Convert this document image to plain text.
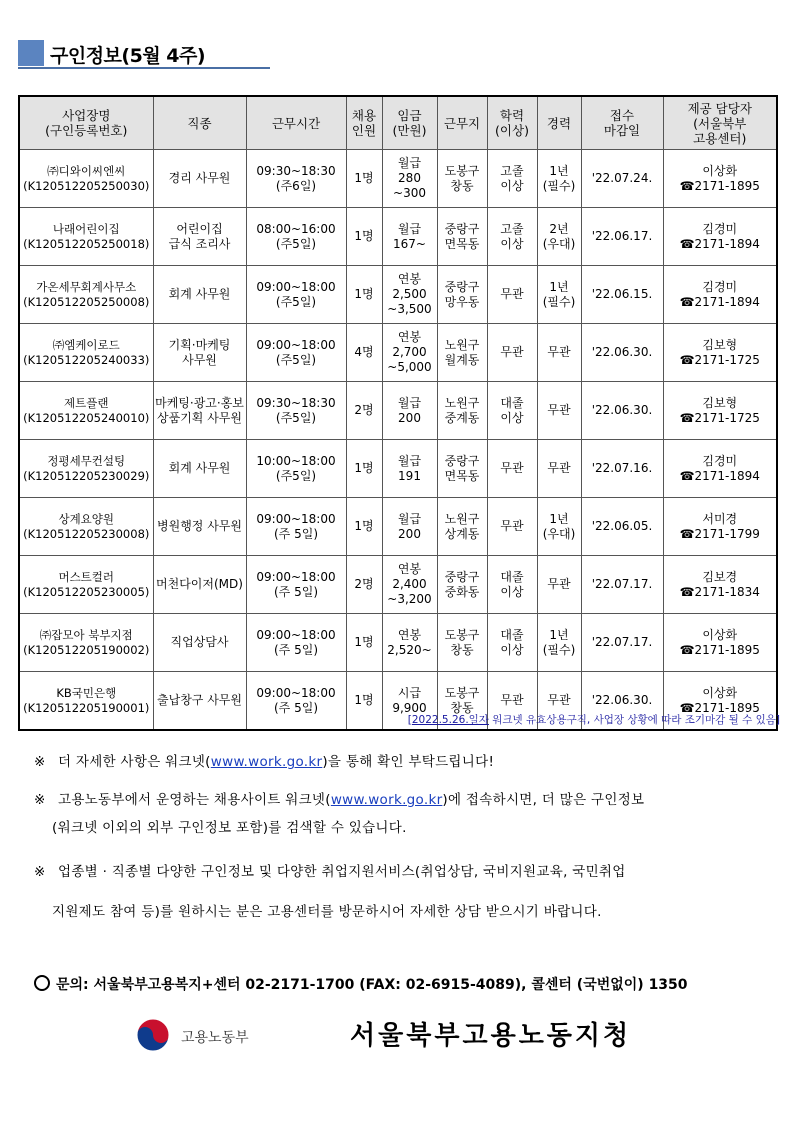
구인정보(5월 4주)
사업장명
(구인등록번호)	직종	근무시간	채용
인원	임금
(만원)	근무지	학력
(이상)	경력	접수
마감일	제공 담당자
(서울북부
고용센터)

㈜디와이씨엔씨
(K120512205250030)	경리 사무원	09:30~18:30
(주6일)	1명	월급
280
~300	도봉구
창동	고졸
이상	1년
(필수)	'22.07.24.	이상화
☎2171-1895

나래어린이집
(K120512205250018)	어린이집
급식 조리사	08:00~16:00
(주5일)	1명	월급
167~	중랑구
면목동	고졸
이상	2년
(우대)	'22.06.17.	김경미
☎2171-1894

가온세무회계사무소
(K120512205250008)	회계 사무원	09:00~18:00
(주5일)	1명	연봉
2,500
~3,500	중랑구
망우동	무관	1년
(필수)	'22.06.15.	김경미
☎2171-1894

㈜엠케이로드
(K120512205240033)	기획·마케팅
사무원	09:00~18:00
(주5일)	4명	연봉
2,700
~5,000	노원구
월계동	무관	무관	'22.06.30.	김보형
☎2171-1725

제트플랜
(K120512205240010)	마케팅·광고·홍보
상품기획 사무원	09:30~18:30
(주5일)	2명	월급
200	노원구
중계동	대졸
이상	무관	'22.06.30.	김보형
☎2171-1725

정평세무컨설팅
(K120512205230029)	회계 사무원	10:00~18:00
(주5일)	1명	월급
191	중랑구
면목동	무관	무관	'22.07.16.	김경미
☎2171-1894

상계요양원
(K120512205230008)	병원행정 사무원	09:00~18:00
(주 5일)	1명	월급
200	노원구
상계동	무관	1년
(우대)	'22.06.05.	서미경
☎2171-1799

머스트컬러
(K120512205230005)	머천다이저(MD)	09:00~18:00
(주 5일)	2명	연봉
2,400
~3,200	중랑구
중화동	대졸
이상	무관	'22.07.17.	김보경
☎2171-1834

㈜잡모아 북부지점
(K120512205190002)	직업상담사	09:00~18:00
(주 5일)	1명	연봉
2,520~	도봉구
창동	대졸
이상	1년
(필수)	'22.07.17.	이상화
☎2171-1895

KB국민은행
(K120512205190001)	출납창구 사무원	09:00~18:00
(주 5일)	1명	시급
9,900	도봉구
창동	무관	무관	'22.06.30.	이상화
☎2171-1895
[2022.5.26.일자 워크넷 유효상용구직, 사업장 상황에 따라 조기마감 될 수 있음]
※ 더 자세한 사항은 워크넷(www.work.go.kr)을 통해 확인 부탁드립니다!
※ 고용노동부에서 운영하는 채용사이트 워크넷(www.work.go.kr)에 접속하시면, 더 많은 구인정보
(워크넷 이외의 외부 구인정보 포함)를 검색할 수 있습니다.
※ 업종별 · 직종별 다양한 구인정보 및 다양한 취업지원서비스(취업상담, 국비지원교육, 국민취업
지원제도 참여 등)를 원하시는 분은 고용센터를 방문하시어 자세한 상담 받으시기 바랍니다.
문의: 서울북부고용복지+센터 02-2171-1700 (FAX: 02-6915-4089), 콜센터 (국번없이) 1350
고용노동부	서울북부고용노동지청
